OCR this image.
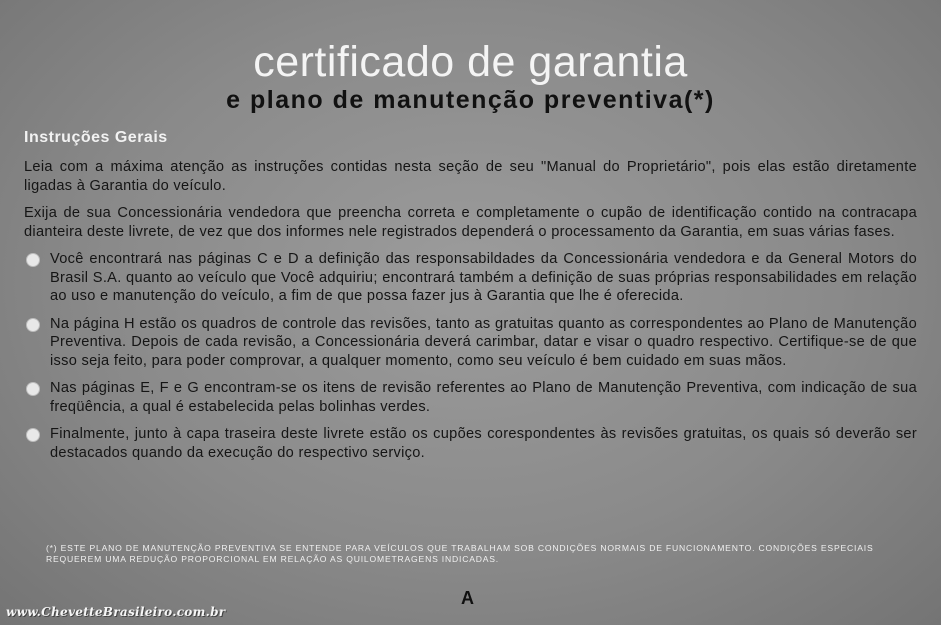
certificado de garantia
e plano de manutenção preventiva(*)
Instruções Gerais

Leia com a máxima atenção as instruções contidas nesta seção de seu "Manual do Proprietário", pois elas estão diretamente ligadas à Garantia do veículo.

Exija de sua Concessionária vendedora que preencha correta e completamente o cupão de identificação contido na contracapa dianteira deste livrete, de vez que dos informes nele registrados dependerá o processamento da Garantia, em suas várias fases.

Você encontrará nas páginas C e D a definição das responsabildades da Concessionária vendedora e da General Motors do Brasil S.A. quanto ao veículo que Você adquiriu; encontrará também a definição de suas próprias responsabilidades em relação ao uso e manutenção do veículo, a fim de que possa fazer jus à Garantia que lhe é oferecida.
Na página H estão os quadros de controle das revisões, tanto as gratuitas quanto as correspondentes ao Plano de Manutenção Preventiva. Depois de cada revisão, a Concessionária deverá carimbar, datar e visar o quadro respectivo. Certifique-se de que isso seja feito, para poder comprovar, a qualquer momento, como seu veículo é bem cuidado em suas mãos.
Nas páginas E, F e G encontram-se os itens de revisão referentes ao Plano de Manutenção Preventiva, com indicação de sua freqüência, a qual é estabelecida pelas bolinhas verdes.
Finalmente, junto à capa traseira deste livrete estão os cupões corespondentes às revisões gratuitas, os quais só deverão ser destacados quando da execução do respectivo serviço.
(*) ESTE PLANO DE MANUTENÇÃO PREVENTIVA SE ENTENDE PARA VEÍCULOS QUE TRABALHAM SOB CONDIÇÕES NORMAIS DE FUNCIONAMENTO. CONDIÇÕES ESPECIAIS REQUEREM UMA REDUÇÃO PROPORCIONAL EM RELAÇÃO AS QUILOMETRAGENS INDICADAS.
A
www.ChevetteBrasileiro.com.br
